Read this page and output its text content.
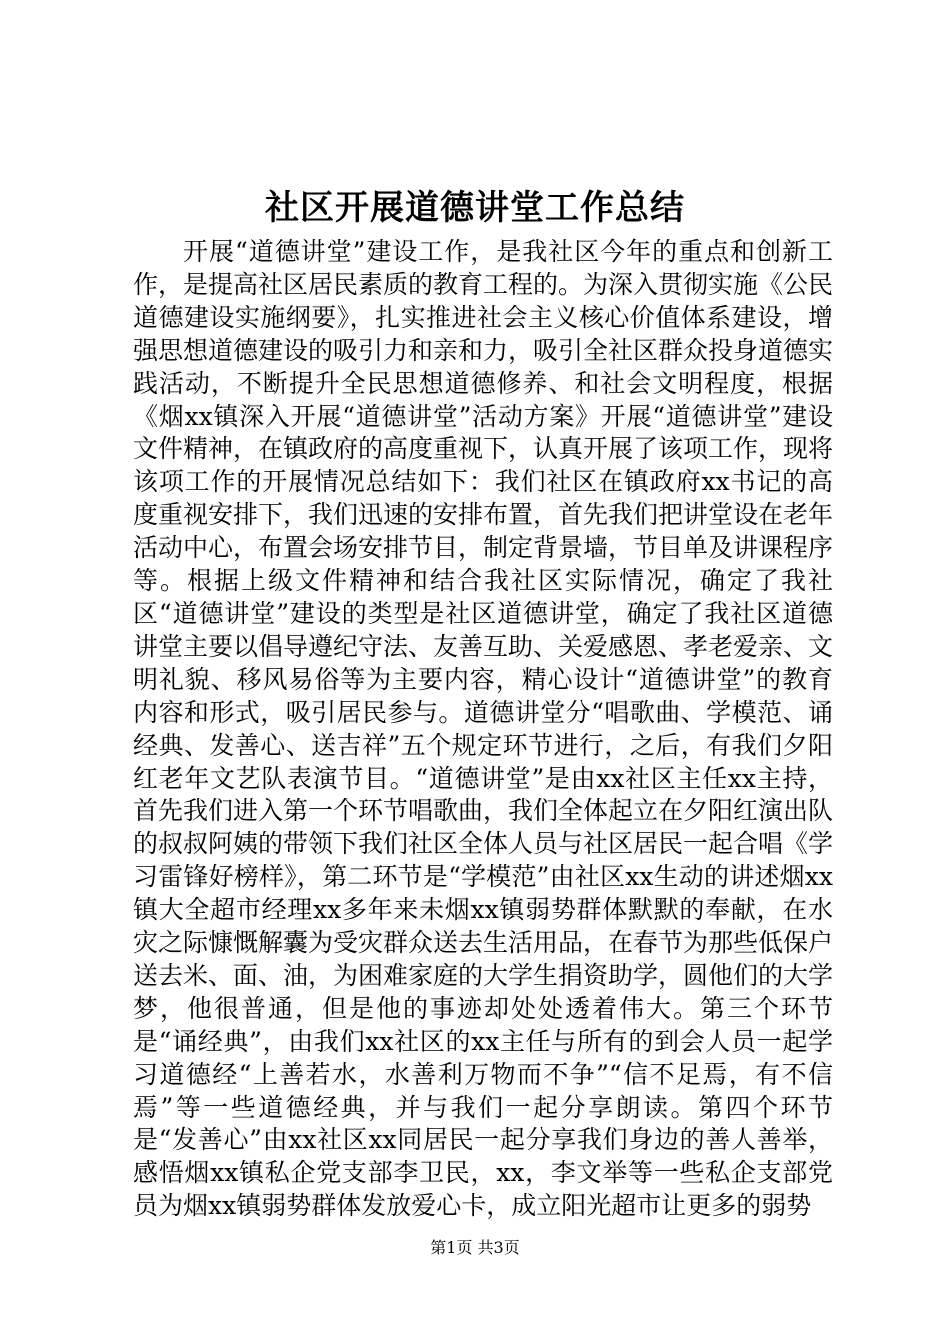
社区开展道德讲堂工作总结

开展“道德讲堂”建设工作，是我社区今年的重点和创新工作，是提高社区居民素质的教育工程的。为深入贯彻实施《公民道德建设实施纲要》，扎实推进社会主义核心价值体系建设，增强思想道德建设的吸引力和亲和力，吸引全社区群众投身道德实践活动，不断提升全民思想道德修养、和社会文明程度，根据《烟xx镇深入开展“道德讲堂”活动方案》开展“道德讲堂”建设文件精神，在镇政府的高度重视下，认真开展了该项工作，现将该项工作的开展情况总结如下：我们社区在镇政府xx书记的高度重视安排下，我们迅速的安排布置，首先我们把讲堂设在老年活动中心，布置会场安排节目，制定背景墙，节目单及讲课程序等。根据上级文件精神和结合我社区实际情况，确定了我社区“道德讲堂”建设的类型是社区道德讲堂，确定了我社区道德讲堂主要以倡导遵纪守法、友善互助、关爱感恩、孝老爱亲、文明礼貌、移风易俗等为主要内容，精心设计“道德讲堂”的教育内容和形式，吸引居民参与。道德讲堂分“唱歌曲、学模范、诵经典、发善心、送吉祥”五个规定环节进行，之后，有我们夕阳红老年文艺队表演节目。“道德讲堂”是由xx社区主任xx主持，首先我们进入第一个环节唱歌曲，我们全体起立在夕阳红演出队的叔叔阿姨的带领下我们社区全体人员与社区居民一起合唱《学习雷锋好榜样》，第二环节是“学模范”由社区xx生动的讲述烟xx镇大全超市经理xx多年来未烟xx镇弱势群体默默的奉献，在水灾之际慷慨解囊为受灾群众送去生活用品，在春节为那些低保户送去米、面、油，为困难家庭的大学生捐资助学，圆他们的大学梦，他很普通，但是他的事迹却处处透着伟大。第三个环节是“诵经典”，由我们xx社区的xx主任与所有的到会人员一起学习道德经“上善若水，水善利万物而不争”“信不足焉，有不信焉”等一些道德经典，并与我们一起分享朗读。第四个环节是“发善心”由xx社区xx同居民一起分享我们身边的善人善举，感悟烟xx镇私企党支部李卫民，xx，李文举等一些私企支部党员为烟xx镇弱势群体发放爱心卡，成立阳光超市让更多的弱势

第1页 共3页
